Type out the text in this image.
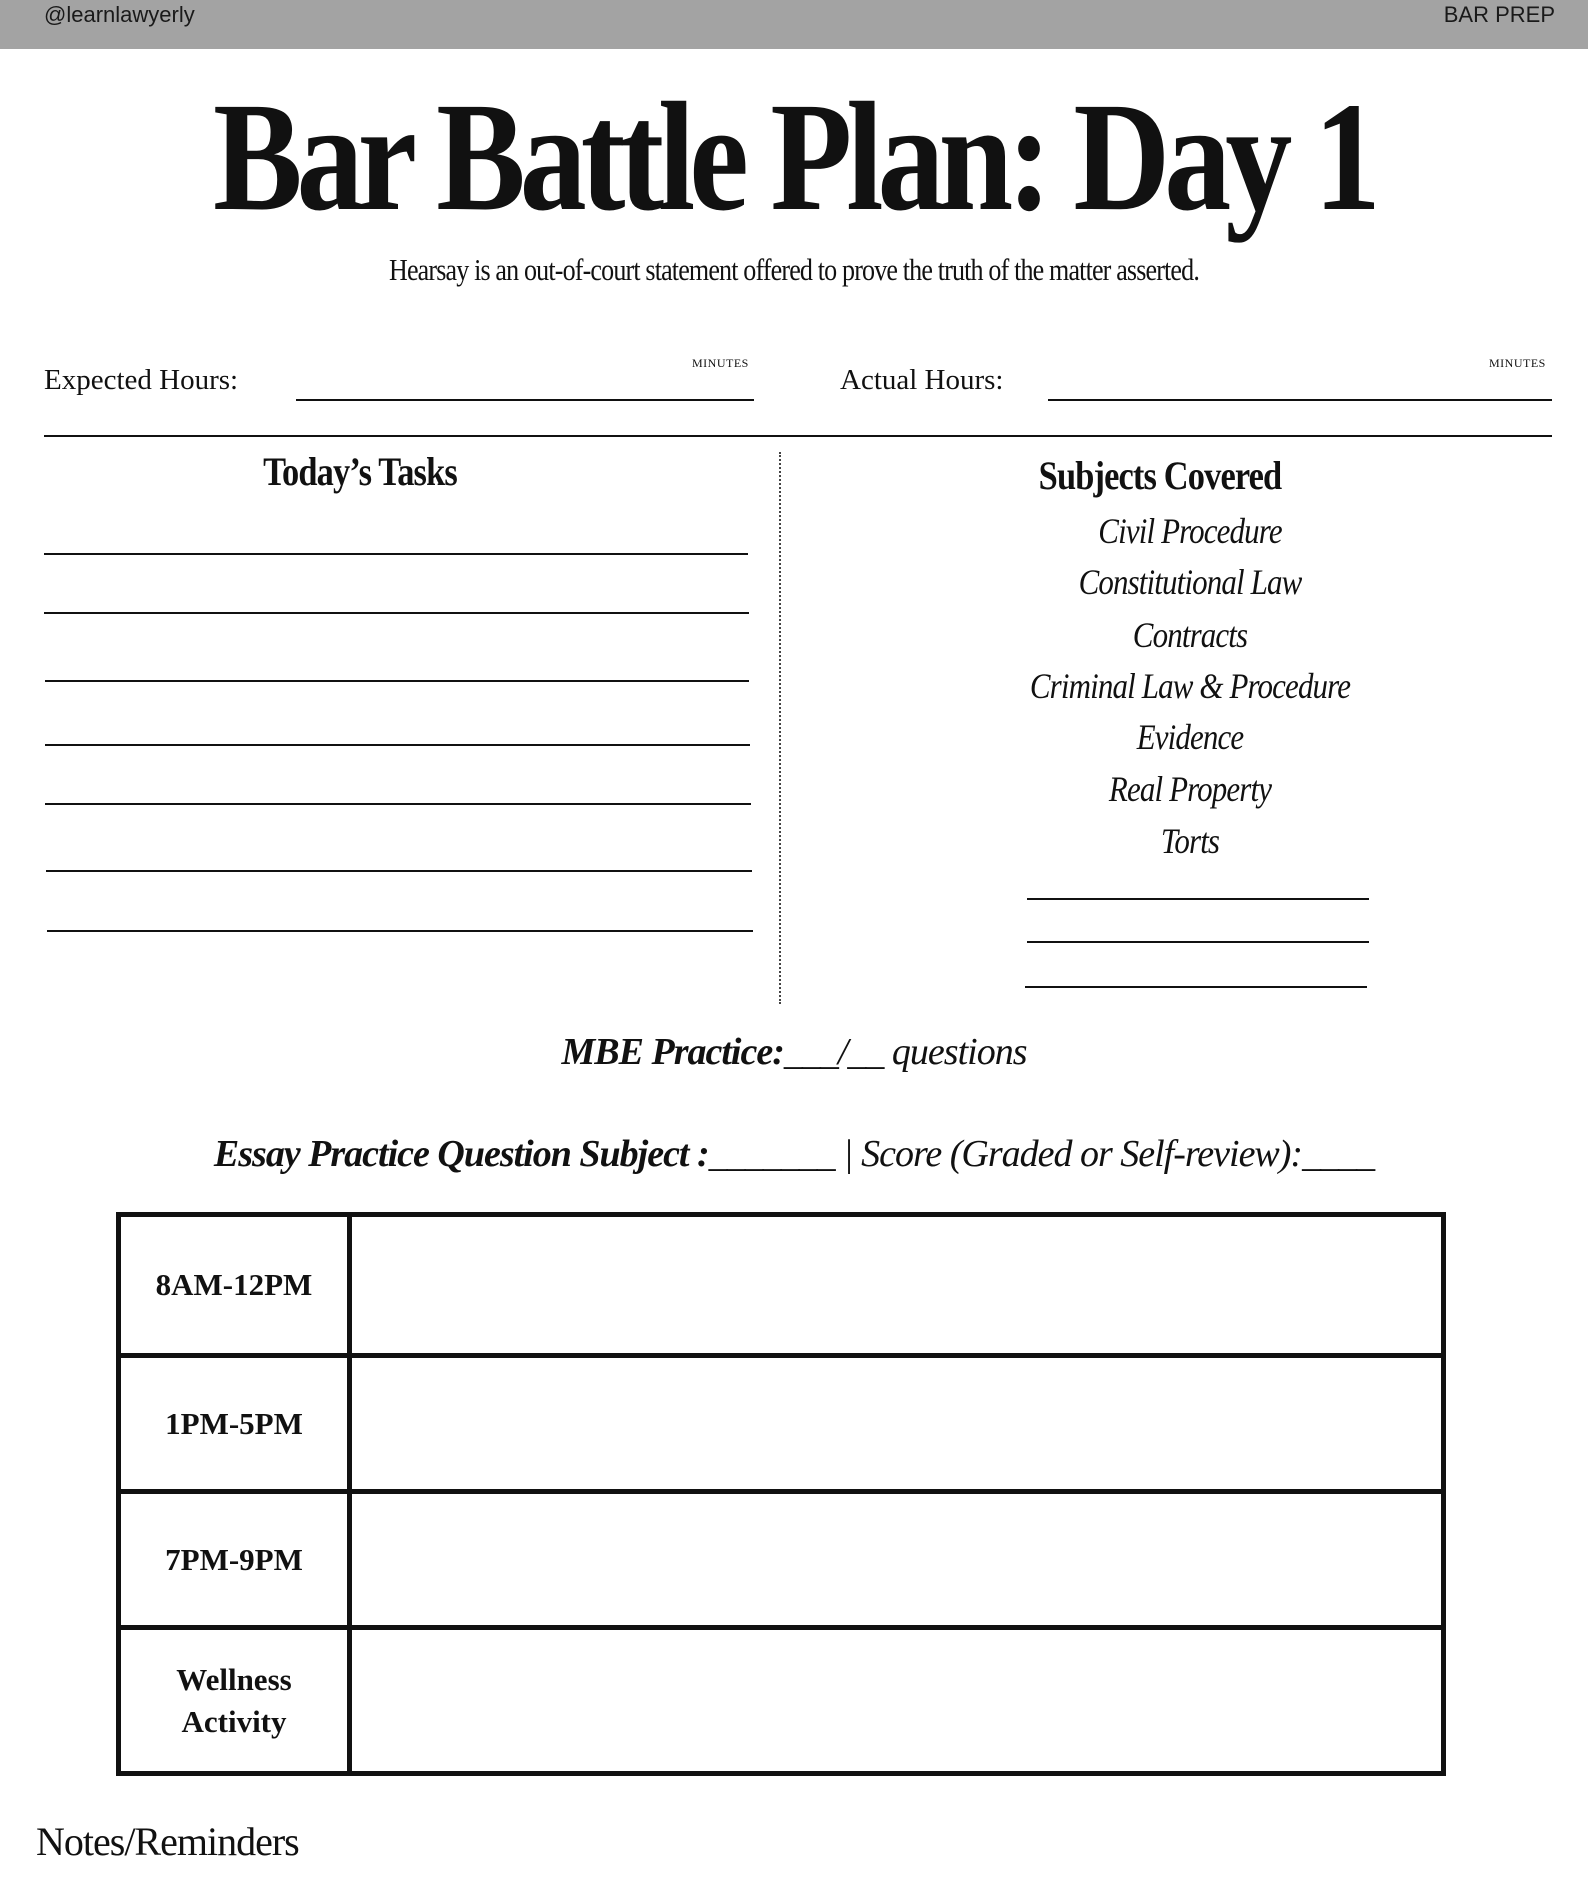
@learnlawyerly	BAR PREP
Bar Battle Plan: Day 1
Hearsay is an out-of-court statement offered to prove the truth of the matter asserted.
Expected Hours:
MINUTES
Actual Hours:
MINUTES
Today’s Tasks	Subjects Covered
Civil Procedure
Constitutional Law
Contracts
Criminal Law & Procedure
Evidence
Real Property
Torts
MBE Practice:___/__ questions
Essay Practice Question Subject :_______ | Score (Graded or Self-review):____
8AM-12PM
1PM-5PM
7PM-9PM
Wellness Activity
Notes/Reminders
